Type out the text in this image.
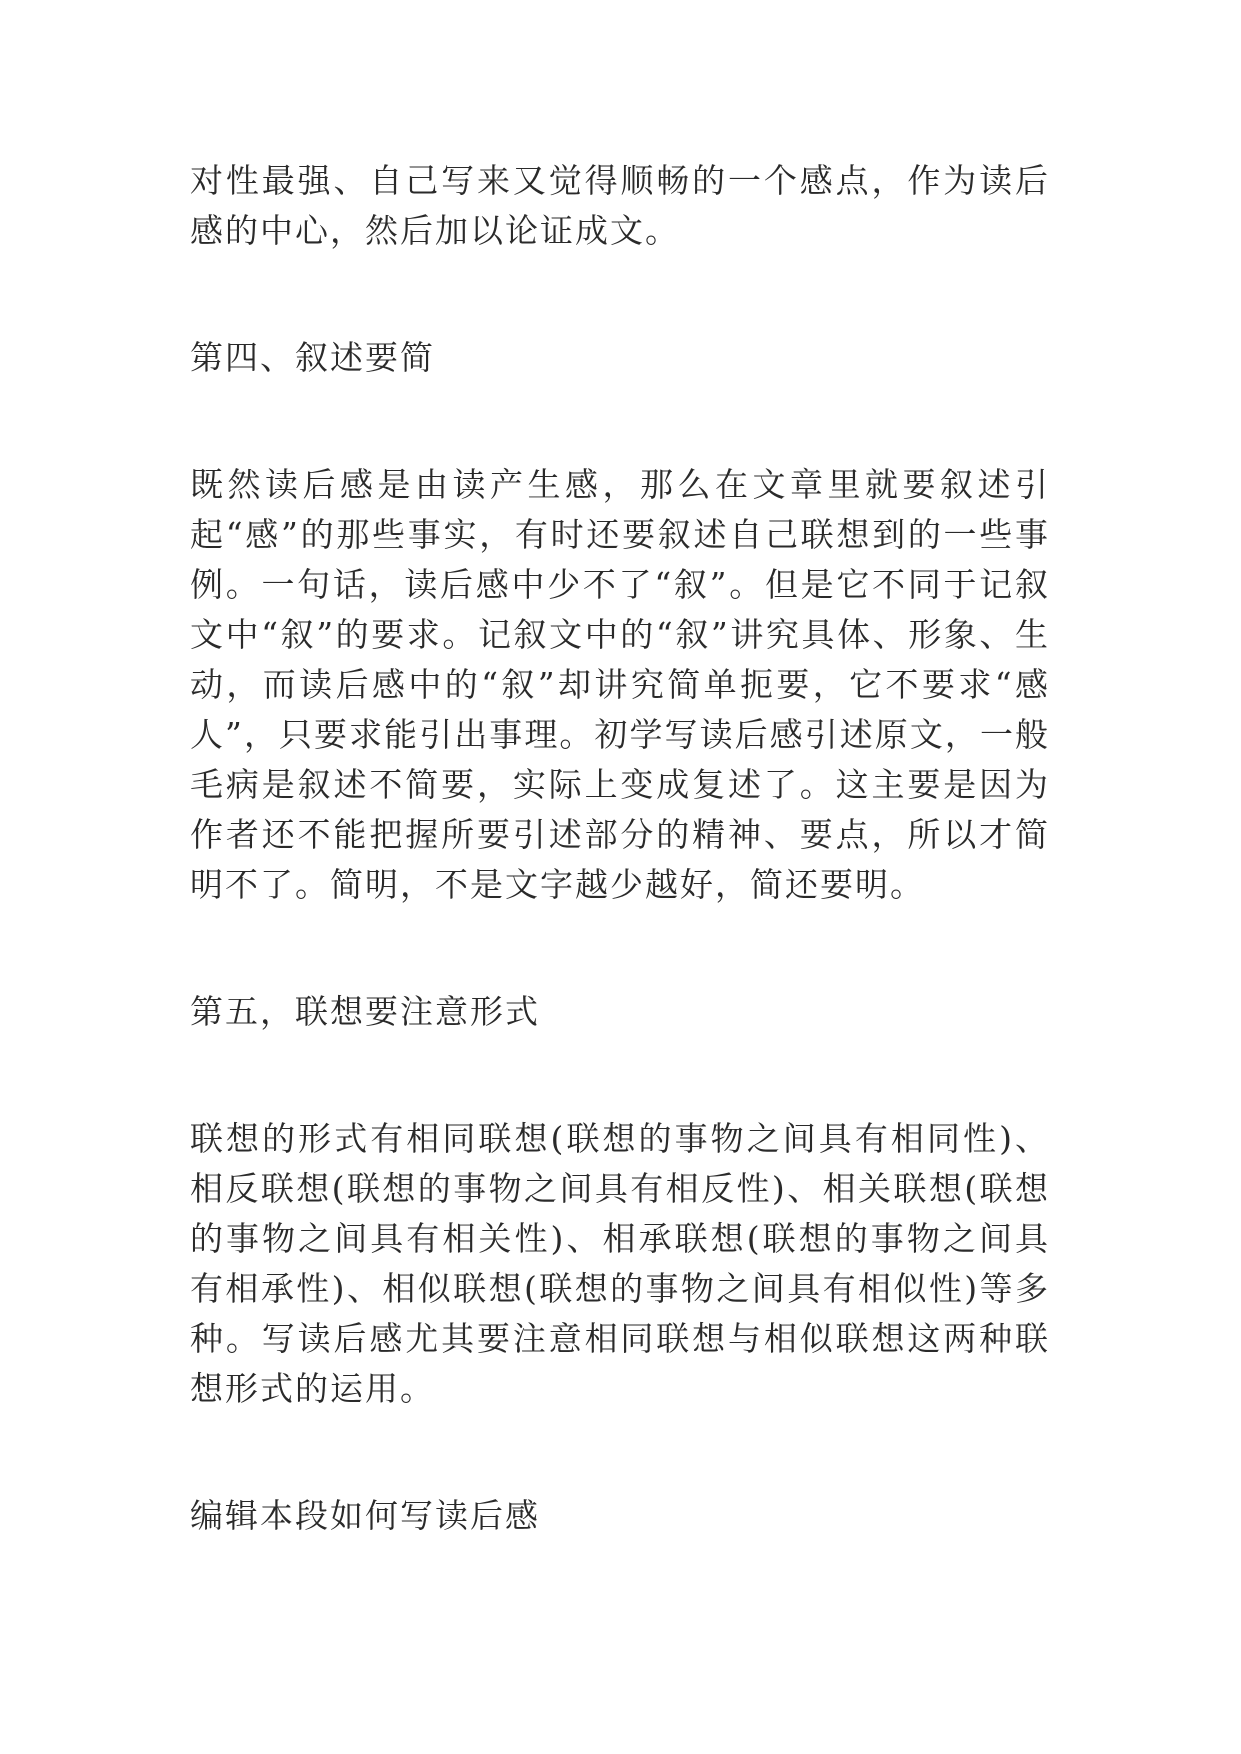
对性最强、自己写来又觉得顺畅的一个感点，作为读后感的中心，然后加以论证成文。

第四、叙述要简

既然读后感是由读产生感，那么在文章里就要叙述引起“感”的那些事实，有时还要叙述自己联想到的一些事例。一句话，读后感中少不了“叙”。但是它不同于记叙文中“叙”的要求。记叙文中的“叙”讲究具体、形象、生动，而读后感中的“叙”却讲究简单扼要，它不要求“感人”，只要求能引出事理。初学写读后感引述原文，一般毛病是叙述不简要，实际上变成复述了。这主要是因为作者还不能把握所要引述部分的精神、要点，所以才简明不了。简明，不是文字越少越好，简还要明。

第五，联想要注意形式

联想的形式有相同联想(联想的事物之间具有相同性)、相反联想(联想的事物之间具有相反性)、相关联想(联想的事物之间具有相关性)、相承联想(联想的事物之间具有相承性)、相似联想(联想的事物之间具有相似性)等多种。写读后感尤其要注意相同联想与相似联想这两种联想形式的运用。

编辑本段如何写读后感
